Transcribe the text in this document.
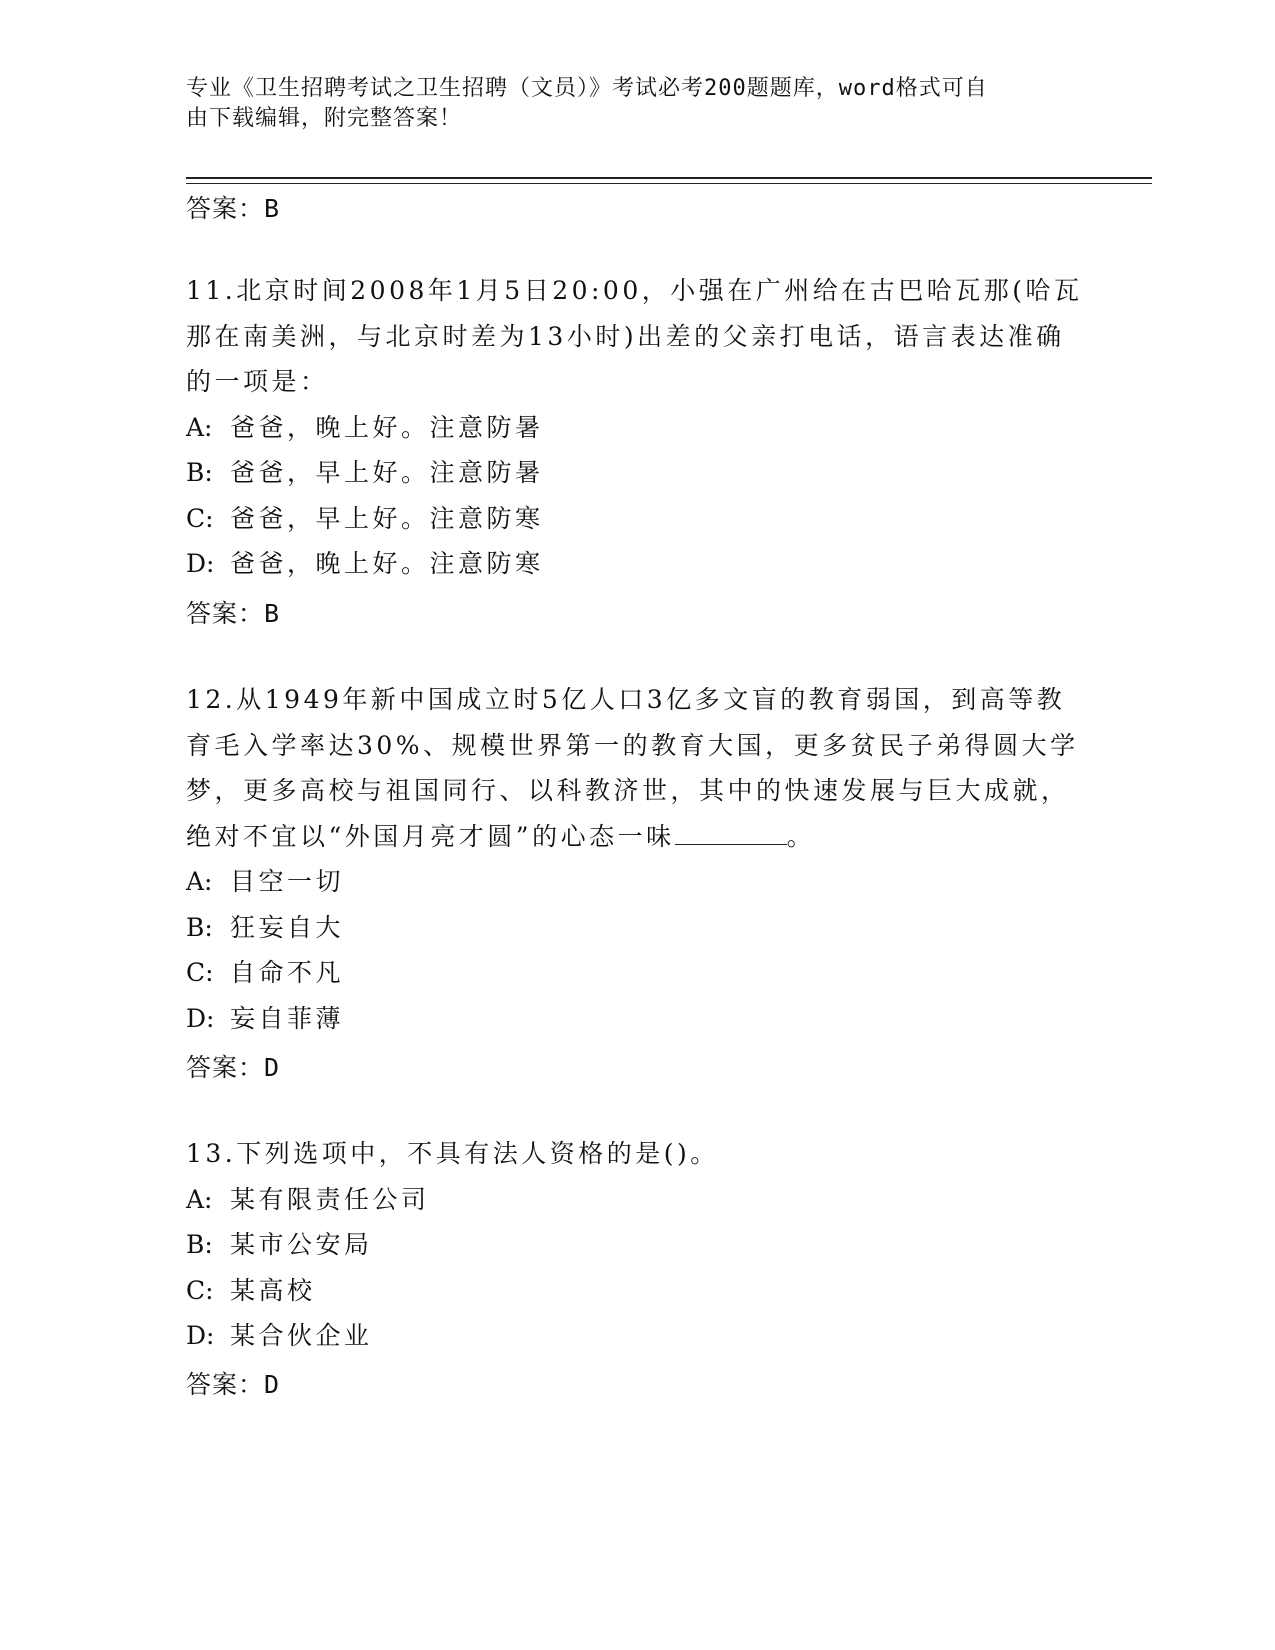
专业《卫生招聘考试之卫生招聘（文员）》考试必考200题题库，word格式可自
由下载编辑，附完整答案！
答案：B
11.北京时间2008年1月5日20:00，小强在广州给在古巴哈瓦那(哈瓦那在南美洲，与北京时差为13小时)出差的父亲打电话，语言表达准确的一项是：
A: 爸爸，晚上好。注意防暑
B: 爸爸，早上好。注意防暑
C: 爸爸，早上好。注意防寒
D: 爸爸，晚上好。注意防寒
答案：B
12.从1949年新中国成立时5亿人口3亿多文盲的教育弱国，到高等教育毛入学率达30%、规模世界第一的教育大国，更多贫民子弟得圆大学梦，更多高校与祖国同行、以科教济世，其中的快速发展与巨大成就，绝对不宜以“外国月亮才圆”的心态一味	。
A: 目空一切
B: 狂妄自大
C: 自命不凡
D: 妄自菲薄
答案：D
13.下列选项中，不具有法人资格的是()。
A: 某有限责任公司
B: 某市公安局
C: 某高校
D: 某合伙企业
答案：D
